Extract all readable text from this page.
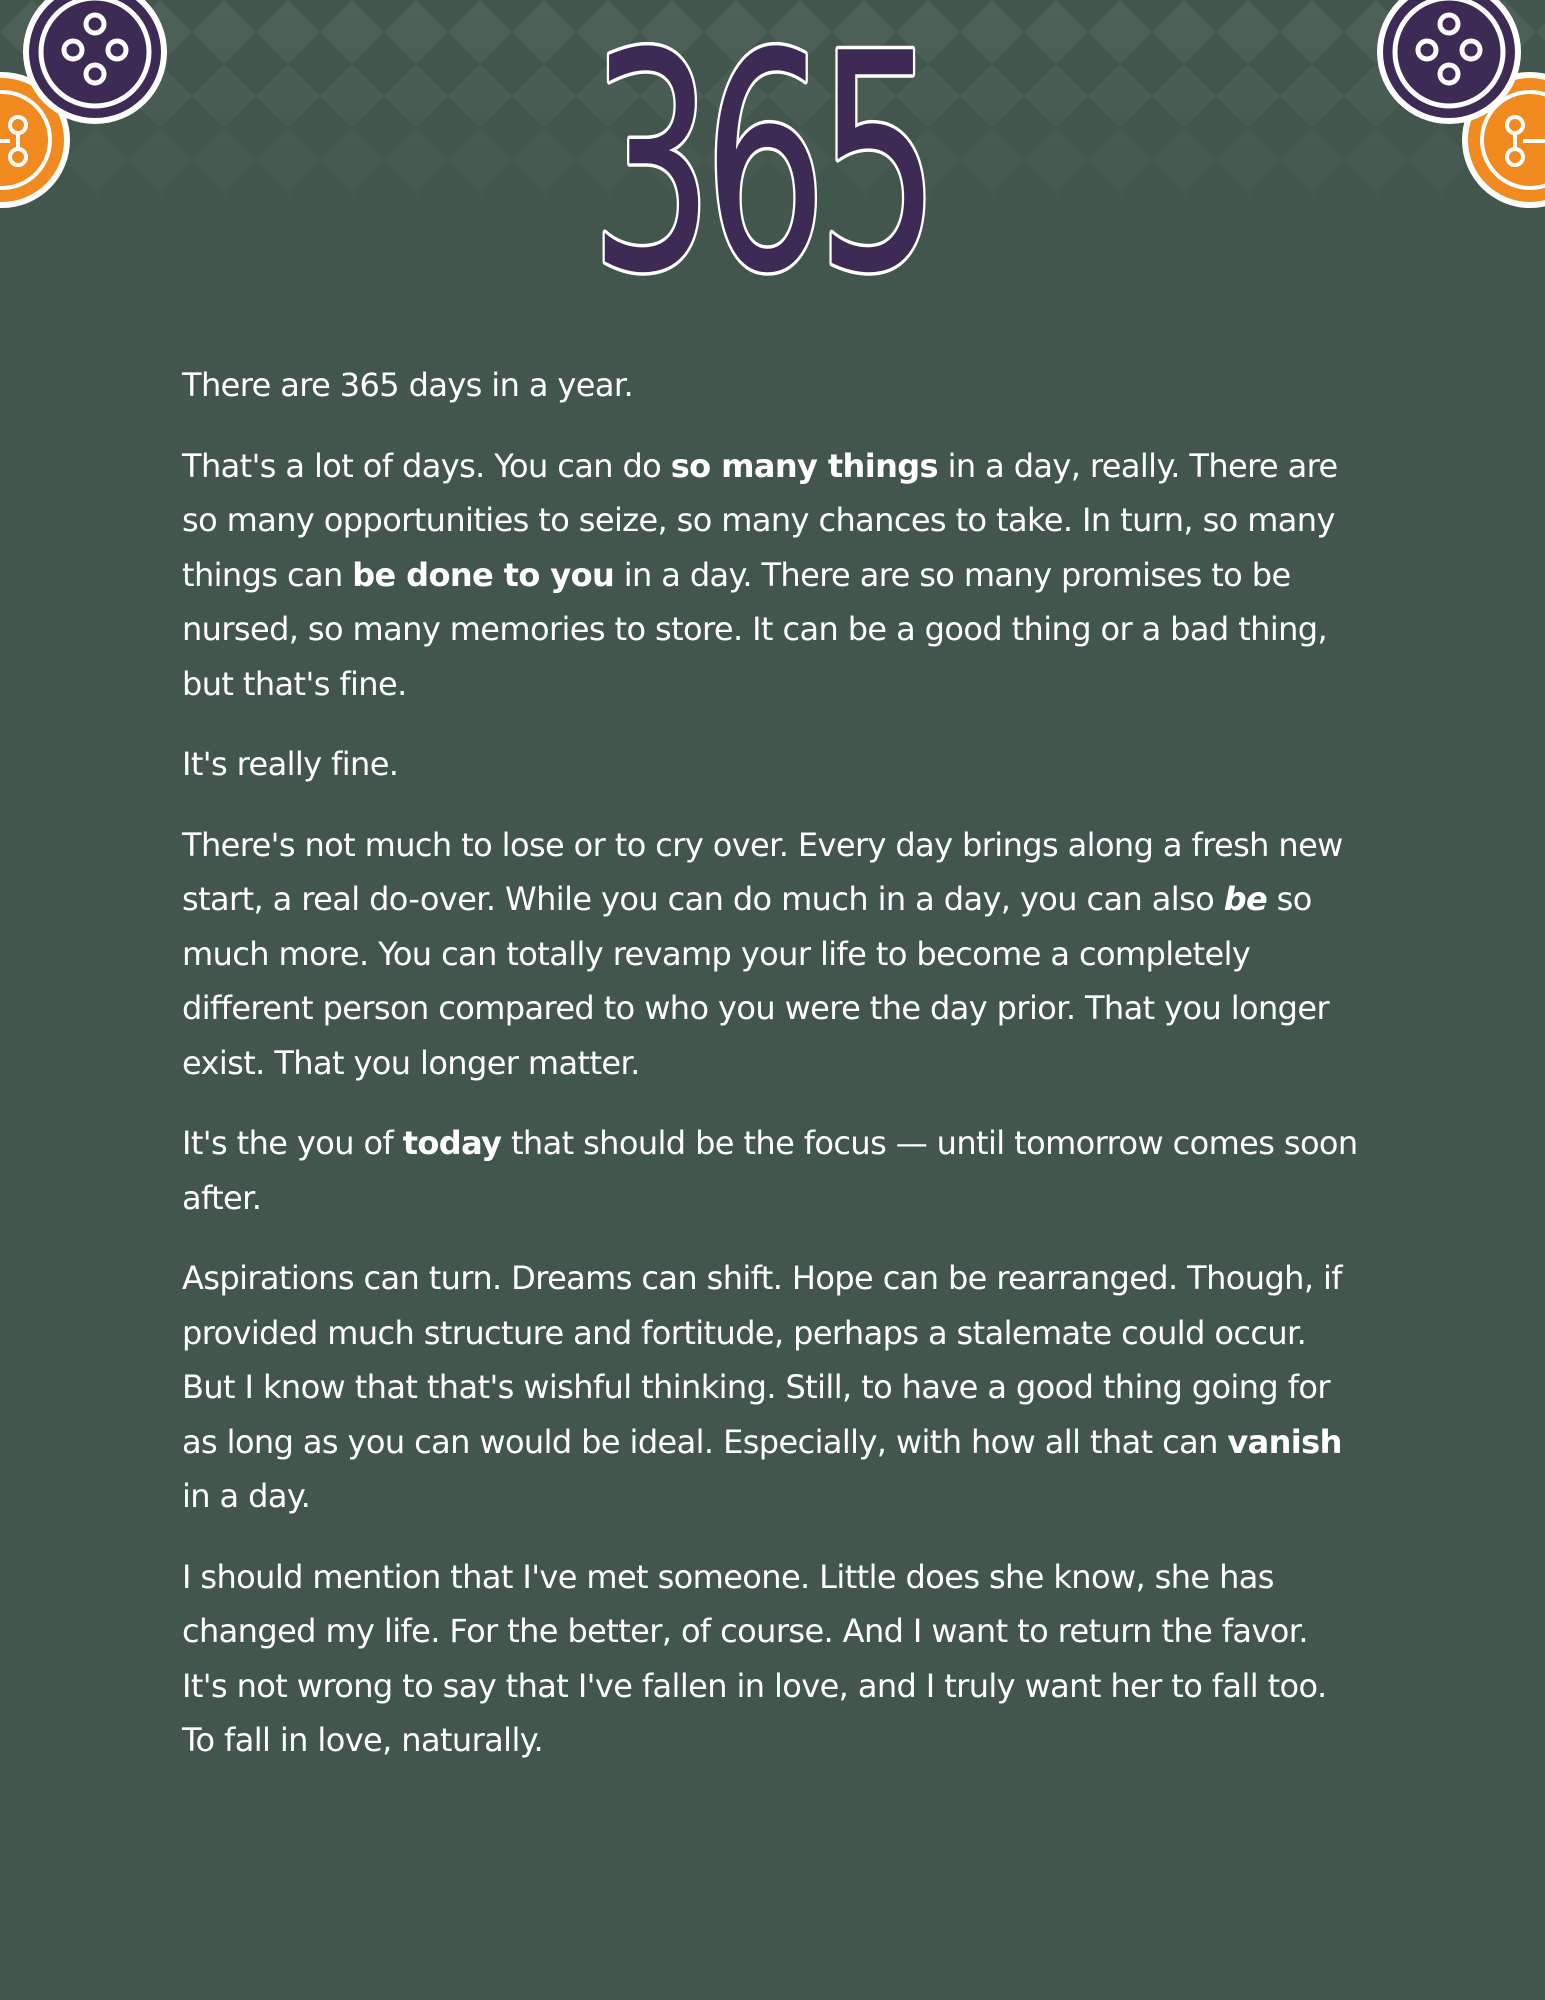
365

There are 365 days in a year.

That's a lot of days. You can do so many things in a day, really. There are so many opportunities to seize, so many chances to take. In turn, so many things can be done to you in a day. There are so many promises to be nursed, so many memories to store. It can be a good thing or a bad thing, but that's fine.

It's really fine.

There's not much to lose or to cry over. Every day brings along a fresh new start, a real do-over. While you can do much in a day, you can also be so much more. You can totally revamp your life to become a completely different person compared to who you were the day prior. That you longer exist. That you longer matter.

It's the you of today that should be the focus — until tomorrow comes soon after.

Aspirations can turn. Dreams can shift. Hope can be rearranged. Though, if provided much structure and fortitude, perhaps a stalemate could occur. But I know that that's wishful thinking. Still, to have a good thing going for as long as you can would be ideal. Especially, with how all that can vanish in a day.

I should mention that I've met someone. Little does she know, she has changed my life. For the better, of course. And I want to return the favor. It's not wrong to say that I've fallen in love, and I truly want her to fall too. To fall in love, naturally.
